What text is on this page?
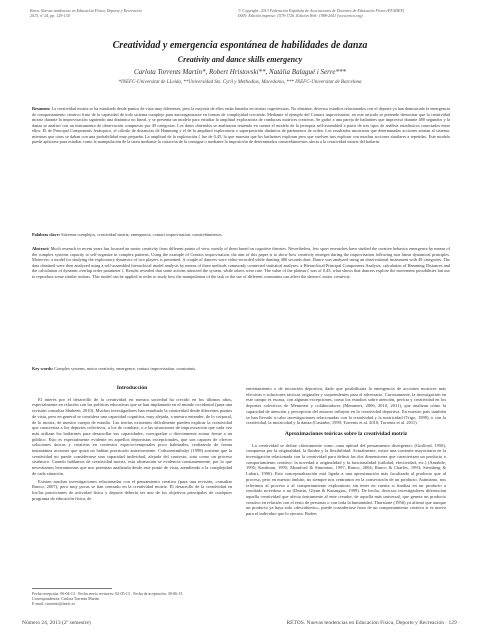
Retos. Nuevas tendencias en Educación Física, Deporte y Recreación
2013, nº 24, pp. 129-134
© Copyright: 2013 Federación Española de Asociaciones de Docentes de Educación Física (FEADEF)
ISSN: Edición impresa: 1579-1726. Edición Web: 1988-2041 (www.retos.org)
Creatividad y emergencia espontánea de habilidades de danza
Creativity and dance skills emergency
Carlota Torrents Martín*, Robert Hristovski**, Natàlia Balagué i Serre***
*INEFC-Universitat de LLeida, **Universidad Sts. Cyril y Methodius, Macedonia, *** INEFC-Universitat de Barcelona

Resumen: La creatividad motriz se ha estudiado desde puntos de vista muy diferentes, pero la mayoría de ellos están basados en teorías cognitivistas. No obstante, diversos estudios relacionados con el deporte ya han demostrado la emergencia de comportamiento creativo fruto de la capacidad de todo sistema complejo para autoorganizarse en formas de complejidad creciente. Mediante el ejemplo del Contact improvisation, en este artículo se pretende demostrar que la creatividad motriz durante la improvisación siguiendo una dinámica no lineal, y se presenta un modelo para estudiar la amplitud exploratoria de conductas motrices creativas. Se grabó a una pareja de bailarines que improvisó durante 480 segundos y la danza se analizó con un instrumento de observación compuesto por 49 categorías. Los datos obtenidos se analizaron teniendo en cuenta el modelo de la jerarquía self-assembled a partir de tres tipos de análisis estadísticos conectados entre ellos: El de Principal Components Jerárquico, el cálculo de distancias de Hamming y el de la amplitud exploratoria o superposición dinámica de parámetros de orden. Los resultados mostraron que determinadas acciones atraían al sistema, mientras que otras se daban con una probabilidad muy pequeña. La amplitud de la exploración ζ fue de 0,45, lo que muestra que los bailarines exploran pero que vuelven tras explorar con muchas acciones similares a repetidas. Este modelo puede aplicarse para estudiar como la manipulación de la tarea mediante la variación de la consigna o mediante la imposición de determinados constreñimientos afecta a la creatividad motriz del bailarín.

Palabras clave: Sistemas complejos, creatividad motriz, emergencia, contact improvisation, constreñimientos.

Abstract: Much research in recent years has focused on motor creativity from different points of view, mostly of them based on cognitive theories. Nevertheless, few sport researches have studied the creative behavior emergence by means of the complex systems capacity to self-organize in complex patterns. Using the example of Contact improvisation, the aim of this paper is to show how creativity emerges during the improvisation following non linear dynamical principles. Moreover, a model for studying the exploratory dynamics of two players is presented. A couple of dancers were video-recorded while dancing 480 seconds duet. Dance was analyzed using an observational instrument with 49 categories. The data obtained were then analyzed using a self-assembled hierarchical model analysis by means of three methods commonly connected statistical analyses: a Hierarchical Principal Components Analysis, calculation of Hamming Distances and the calculation of dynamic overlap order parameter ζ. Results revealed that some actions attracted the system, while others were rare. The value of the plateau ζ was of 0,45, what shows that dancers explore the movement possibilities but use to reproduce some similar actions. This model can be applied in order to study how the manipulation of the task or the use of different constraints can affect the dancers' motor creativity.

Key words: Complex systems, motor creativity, emergence, contact improvisation, constraints.

Introducción

El interés por el desarrollo de la creatividad en nuestra sociedad ha crecido en los últimos años, especialmente en relación con las políticas educativas que se han implantado en el mundo occidental (para una revisión consultar Shaheen, 2010). Muchos investigadores han estudiado la creatividad desde diferentes puntos de vista, pero en general se considera una capacidad cognitiva, muy alejada, a nuestro entender, de lo corporal, de lo motriz, de nuestro cuerpo de estudio. Las teorías existentes difícilmente pueden explicar la creatividad que caracteriza a los deportes colectivos, a los de combate, o a las situaciones de improvisación que cada vez más utilizan los bailarines para desarrollar sus capacidades, coreografiar o directamente actuar frente a un público. Esto es especialmente evidente en aquellos deportistas excepcionales, que son capaces de ofrecer soluciones únicas y creativas en contextos espacio-temporales poco habituales, realizando de forma instantánea acciones que quizá no habían practicado anteriormente. Csikszentmihalyi (1998) sostiene que la creatividad no puede considerarse una capacidad individual, alejada del contexto, sino como un proceso sistémico. Cuando hablamos de creatividad motriz, esta afirmación se evidencia constantemente, por lo que necesitamos herramientas que nos permitan analizarla desde este punto de vista, atendiendo a la complejidad de cada situación.

Existen muchas investigaciones relacionadas con el pensamiento creativo (para una revisión, consultar Runco, 2007), pero muy pocas se han centrado en la creatividad motriz. El desarrollo de la creatividad en los/las practicantes de actividad física y deporte debería ser uno de los objetivos principales de cualquier programa de educación física, de

entrenamiento o de iniciación deportiva, dado que posibilitaría la emergencia de acciones motrices más efectivas o soluciones tácticas originales y sorprendentes para el adversario. Curiosamente, la investigación en este campo es escasa, con algunas excepciones, como los estudios sobre atención, pericia y creatividad en los deportes colectivos de Memmert y colaboradores (Memmert, 2006, 2010, 2011), que analizan cómo la capacidad de atención y percepción del entorno influyen en la creatividad deportiva. En nuestro país también se han llevado a cabo investigaciones relacionadas con la creatividad y la motricidad (Trigo, 1999), o con la creatividad, la motricidad y la danza (Castañer, 1999; Torrents et al. 2010; Torrents et al. 2011).

Aproximaciones teóricas sobre la creatividad motriz

La creatividad se define clásicamente como «una aptitud del pensamiento divergente» (Guilford, 1950), compuesta por la originalidad, la fluidez y la flexibilidad. Actualmente, existe una corriente mayoritaria en la investigación relacionada con la creatividad para definir las dos dimensiones que caracterizan un producto o comportamiento creativo: la novedad u originalidad y la funcionalidad (utilidad, efectividad, etc.) (Amabile, 1995; Kaufman, 1995; Mumford & Simonton, 1997; Runco, 2004; Runco & Charles, 1993; Sternberg & Lubart, 1996). Esta conceptualización está ligada a una aproximación más focalizada al producto que al proceso, pero en nuestro ámbito, no siempre nos centramos en la consecución de un producto. Asimismo, nos referimos al proceso o al comportamiento exploratorio sin tener en cuenta si finaliza en un producto o resultado novedoso o no (Dearin, Glynn & Kazangias, 1999). De hecho, diversos investigadores diferencian aquella creatividad que afecta únicamente al ente creador, de aquella más universal, que genera un producto creativo en relación con el resto de personas o con toda la humanidad. Thurstone (1956) ya afirmó que aunque un producto ya haya sido «descubierto», puede considerarse fruto de un comportamiento creativo si es nuevo para el individuo que lo ejecuta. Boden

Fecha recepción: 06-04-13 · Fecha envío revisores: 02-05-13 · Fecha de aceptación: 30-06-13
Correspondencia: Carlota Torrents Martín
E-mail: ctorrents@inefc.es
Número 24, 2013 (2º semestre)	RETOS. Nuevas tendencias en Educación Física, Deporte y Recreación · 129 ·
